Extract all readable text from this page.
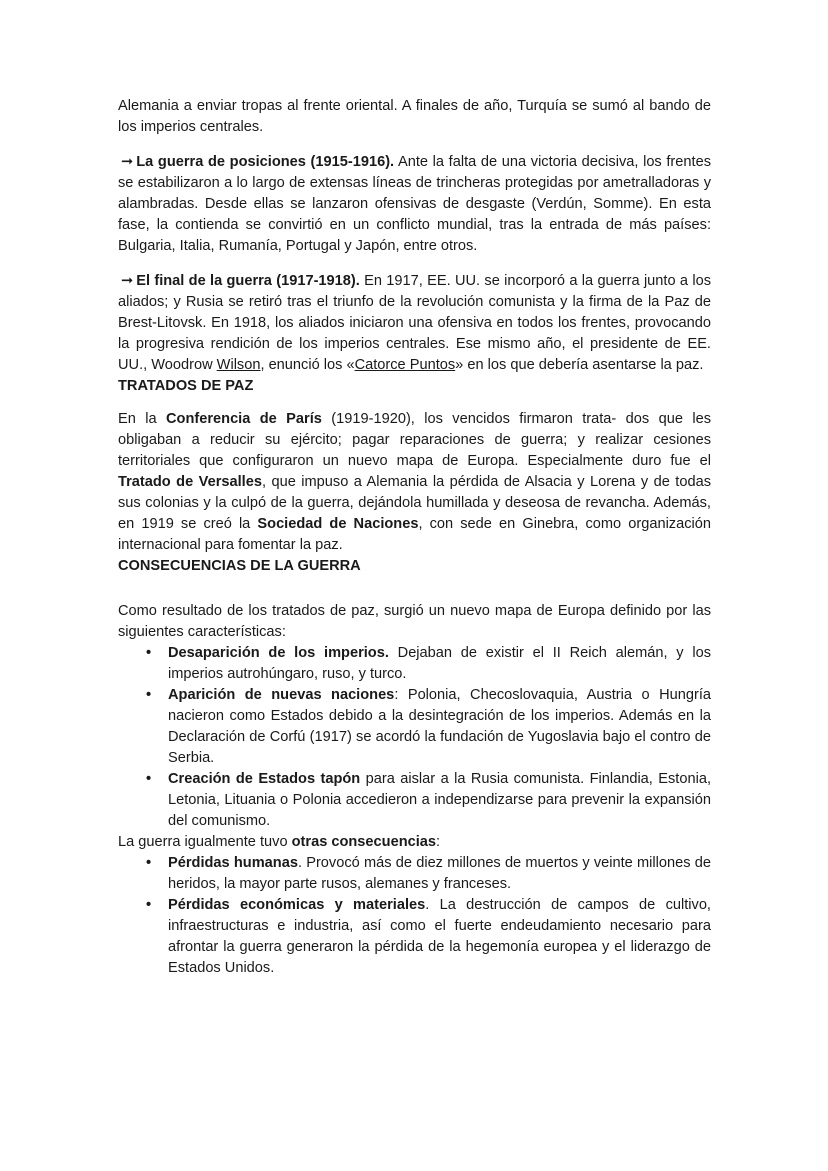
Alemania a enviar tropas al frente oriental. A finales de año, Turquía se sumó al bando de los imperios centrales.

➞ La guerra de posiciones (1915-1916). Ante la falta de una victoria decisiva, los frentes se estabilizaron a lo largo de extensas líneas de trincheras protegidas por ametralladoras y alambradas. Desde ellas se lanzaron ofensivas de desgaste (Verdún, Somme). En esta fase, la contienda se convirtió en un conflicto mundial, tras la entrada de más países: Bulgaria, Italia, Rumanía, Portugal y Japón, entre otros.

➞ El final de la guerra (1917-1918). En 1917, EE. UU. se incorporó a la guerra junto a los aliados; y Rusia se retiró tras el triunfo de la revolución comunista y la firma de la Paz de Brest-Litovsk. En 1918, los aliados iniciaron una ofensiva en todos los frentes, provocando la progresiva rendición de los imperios centrales. Ese mismo año, el presidente de EE. UU., Woodrow Wilson, enunció los «Catorce Puntos» en los que debería asentarse la paz.

TRATADOS DE PAZ

En la Conferencia de París (1919-1920), los vencidos firmaron trata- dos que les obligaban a reducir su ejército; pagar reparaciones de guerra; y realizar cesiones territoriales que configuraron un nuevo mapa de Europa. Especialmente duro fue el Tratado de Versalles, que impuso a Alemania la pérdida de Alsacia y Lorena y de todas sus colonias y la culpó de la guerra, dejándola humillada y deseosa de revancha. Además, en 1919 se creó la Sociedad de Naciones, con sede en Ginebra, como organización internacional para fomentar la paz.

CONSECUENCIAS DE LA GUERRA

Como resultado de los tratados de paz, surgió un nuevo mapa de Europa definido por las siguientes características:

• Desaparición de los imperios. Dejaban de existir el II Reich alemán, y los imperios autrohúngaro, ruso, y turco.
• Aparición de nuevas naciones: Polonia, Checoslovaquia, Austria o Hungría nacieron como Estados debido a la desintegración de los imperios. Además en la Declaración de Corfú (1917) se acordó la fundación de Yugoslavia bajo el contro de Serbia.
• Creación de Estados tapón para aislar a la Rusia comunista. Finlandia, Estonia, Letonia, Lituania o Polonia accedieron a independizarse para prevenir la expansión del comunismo.

La guerra igualmente tuvo otras consecuencias:

• Pérdidas humanas. Provocó más de diez millones de muertos y veinte millones de heridos, la mayor parte rusos, alemanes y franceses.
• Pérdidas económicas y materiales. La destrucción de campos de cultivo, infraestructuras e industria, así como el fuerte endeudamiento necesario para afrontar la guerra generaron la pérdida de la hegemonía europea y el liderazgo de Estados Unidos.
